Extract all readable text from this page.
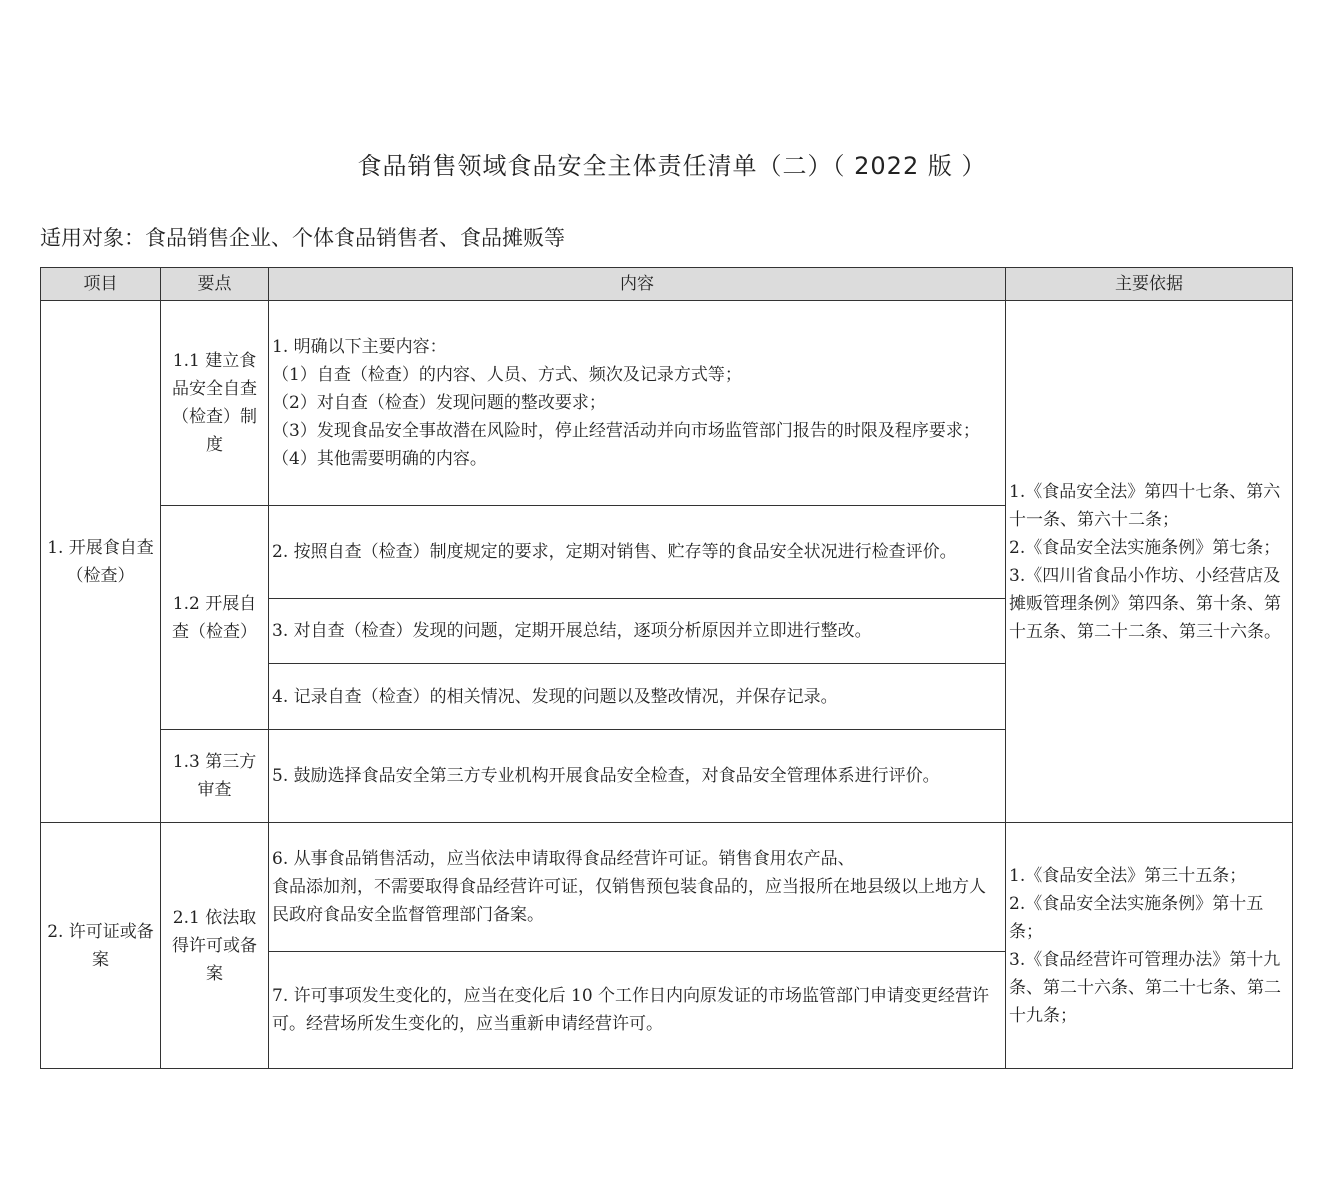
食品销售领域食品安全主体责任清单（二）（ 2022 版 ）
适用对象：食品销售企业、个体食品销售者、食品摊贩等
项目	要点	内容	主要依据
1. 开展食自查（检查）	1.1 建立食品安全自查（检查）制度	1. 明确以下主要内容：
（1）自查（检查）的内容、人员、方式、频次及记录方式等；
（2）对自查（检查）发现问题的整改要求；
（3）发现食品安全事故潜在风险时，停止经营活动并向市场监管部门报告的时限及程序要求；
（4）其他需要明确的内容。	1.《食品安全法》第四十七条、第六十一条、第六十二条；
2.《食品安全法实施条例》第七条；
3.《四川省食品小作坊、小经营店及摊贩管理条例》第四条、第十条、第十五条、第二十二条、第三十六条。

	1.2 开展自查（检查）	2. 按照自查（检查）制度规定的要求，定期对销售、贮存等的食品安全状况进行检查评价。	
		3. 对自查（检查）发现的问题，定期开展总结，逐项分析原因并立即进行整改。	
		4. 记录自查（检查）的相关情况、发现的问题以及整改情况，并保存记录。	
	1.3 第三方审查	5. 鼓励选择食品安全第三方专业机构开展食品安全检查，对食品安全管理体系进行评价。	
2. 许可证或备案	2.1 依法取得许可或备案	6. 从事食品销售活动，应当依法申请取得食品经营许可证。销售食用农产品、
食品添加剂，不需要取得食品经营许可证，仅销售预包装食品的，应当报所在地县级以上地方人民政府食品安全监督管理部门备案。	1.《食品安全法》第三十五条；
2.《食品安全法实施条例》第十五条；
3.《食品经营许可管理办法》第十九条、第二十六条、第二十七条、第二十九条；

		7. 许可事项发生变化的，应当在变化后 10 个工作日内向原发证的市场监管部门申请变更经营许可。经营场所发生变化的，应当重新申请经营许可。	
